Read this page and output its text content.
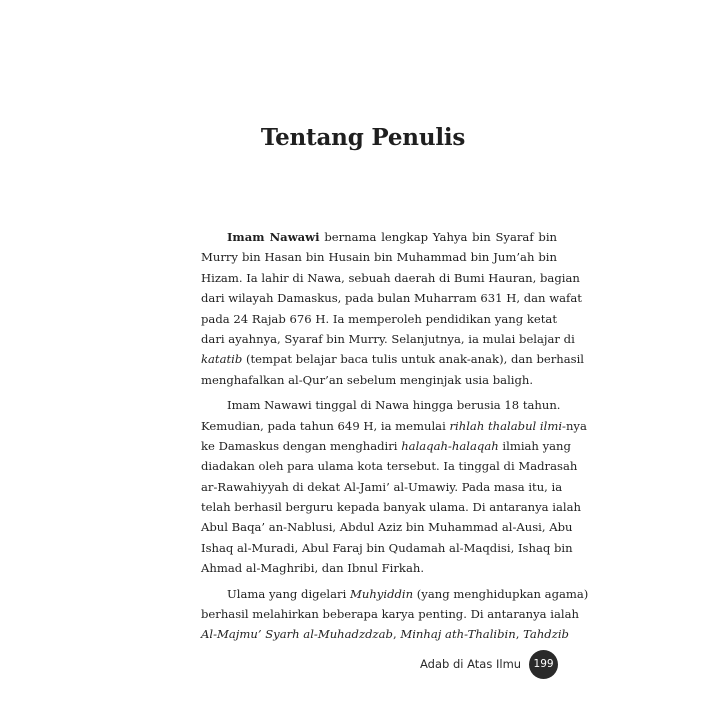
Tentang Penulis
Imam Nawawi bernama lengkap Yahya bin Syaraf bin
Murry bin Hasan bin Husain bin Muhammad bin Jum’ah bin
Hizam. Ia lahir di Nawa, sebuah daerah di Bumi Hauran, bagian
dari wilayah Damaskus, pada bulan Muharram 631 H, dan wafat
pada 24 Rajab 676 H. Ia memperoleh pendidikan yang ketat
dari ayahnya, Syaraf bin Murry. Selanjutnya, ia mulai belajar di
katatib (tempat belajar baca tulis untuk anak-anak), dan berhasil
menghafalkan al-Qur’an sebelum menginjak usia baligh.
Imam Nawawi tinggal di Nawa hingga berusia 18 tahun.
Kemudian, pada tahun 649 H, ia memulai rihlah thalabul ilmi-nya
ke Damaskus dengan menghadiri halaqah-halaqah ilmiah yang
diadakan oleh para ulama kota tersebut. Ia tinggal di Madrasah
ar-Rawahiyyah di dekat Al-Jami’ al-Umawiy. Pada masa itu, ia
telah berhasil berguru kepada banyak ulama. Di antaranya ialah
Abul Baqa’ an-Nablusi, Abdul Aziz bin Muhammad al-Ausi, Abu
Ishaq al-Muradi, Abul Faraj bin Qudamah al-Maqdisi, Ishaq bin
Ahmad al-Maghribi, dan Ibnul Firkah.
Ulama yang digelari Muhyiddin (yang menghidupkan agama)
berhasil melahirkan beberapa karya penting. Di antaranya ialah
Al-Majmu’ Syarh al-Muhadzdzab, Minhaj ath-Thalibin, Tahdzib
Adab di Atas Ilmu	199
